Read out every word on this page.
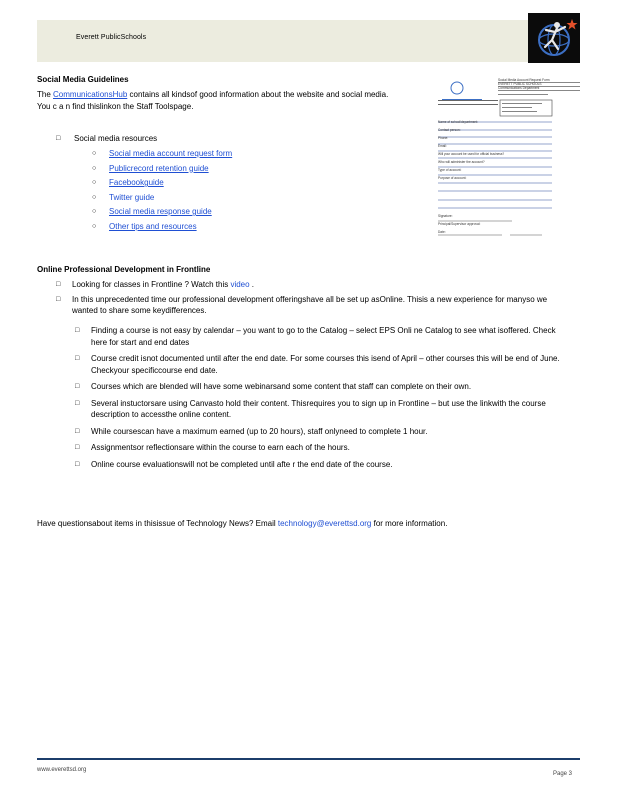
Everett PublicSchools
Social Media Guidelines
The CommunicationsHub contains all kindsof good information about the website and social media. You c a n find thislinkon the Staff Toolspage.
□ Social media resources
○ Social media account request form
○ Publicrecord retention guide
○ Facebookguide
○ Twitter guide
○ Social media response guide
○ Other tips and resources
Social Media Account Request Form
EVERETT PUBLIC SCHOOLS
Communications Department
Name of school/department:
Contact person:
Phone:
Email:
Will your account be used for official business?
Who will administer the account?
Type of account:
Purpose of account:
Signature:
Principal/Supervisor approval:
Date:
Online Professional Development in Frontline
□ Looking for classes in Frontline ? Watch this video .
□ In this unprecedented time our professional development offeringshave all be set up asOnline. Thisis a new experience for manyso we wanted to share some keydifferences.
□ Finding a course is not easy by calendar – you want to go to the Catalog – select EPS Onli ne Catalog to see what isoffered. Check here for start and end dates
□ Course credit isnot documented until after the end date. For some courses this isend of April – other courses this will be end of June. Checkyour specificcourse end date.
□ Courses which are blended will have some webinarsand some content that staff can complete on their own.
□ Several instuctorsare using Canvasto hold their content. Thisrequires you to sign up in Frontline – but use the linkwith the course description to accessthe online content.
□ While coursescan have a maximum earned (up to 20 hours), staff onlyneed to complete 1 hour.
□ Assignmentsor reflectionsare within the course to earn each of the hours.
□ Online course evaluationswill not be completed until afte r the end date of the course.
Have questionsabout items in thisissue of Technology News? Email technology@everettsd.org for more information.
www.everettsd.org
Page 3
